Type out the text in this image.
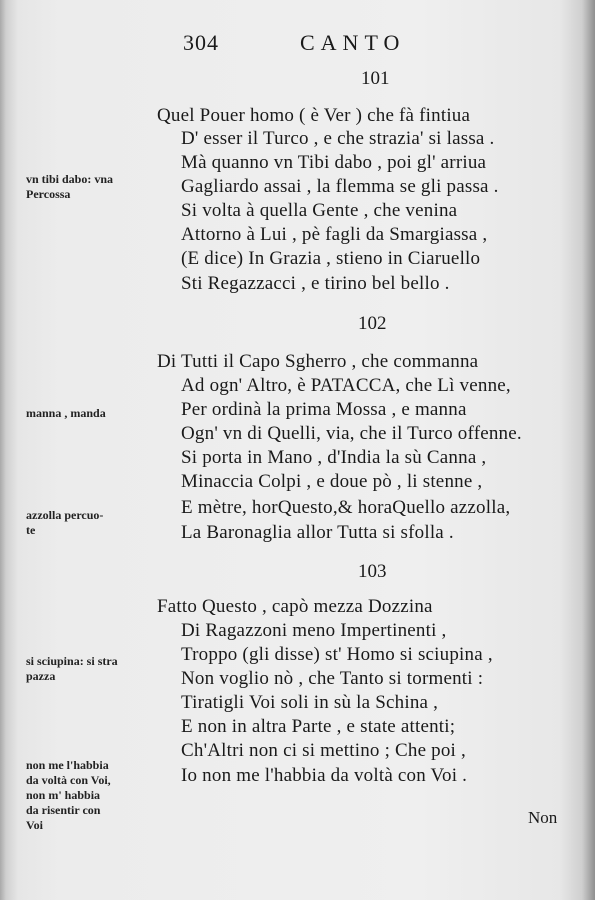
304	CANTO
101
Quel Pouer homo ( è Ver ) che fà fintiua
D' esser il Turco , e che strazia' si lassa .
Mà quanno vn Tibi dabo , poi gl' arriua
Gagliardo assai , la flemma se gli passa .
Si volta à quella Gente , che venina
Attorno à Lui , pè fagli da Smargiassa ,
(E dice) In Grazia , stieno in Ciaruello
Sti Regazzacci , e tirino bel bello .
102
Di Tutti il Capo Sgherro , che commanna
Ad ogn' Altro, è PATACCA, che Lì venne,
Per ordinà la prima Mossa , e manna
Ogn' vn di Quelli, via, che il Turco offenne.
Si porta in Mano , d'India la sù Canna ,
Minaccia Colpi , e doue pò , li stenne ,
E mètre, horQuesto,& horaQuello azzolla,
La Baronaglia allor Tutta si sfolla .
103
Fatto Questo , capò mezza Dozzina
Di Ragazzoni meno Impertinenti ,
Troppo (gli disse) st' Homo si sciupina ,
Non voglio nò , che Tanto si tormenti :
Tiratigli Voi soli in sù la Schina ,
E non in altra Parte , e state attenti;
Ch'Altri non ci si mettino ; Che poi ,
Io non me l'habbia da voltà con Voi .
vn tibi dabo: vna
Percossa
manna , manda
azzolla percuo-
te
si sciupina: si stra
pazza
non me l'habbia
da voltà con Voi,
non m' habbia
da risentir con
Voi	Non
